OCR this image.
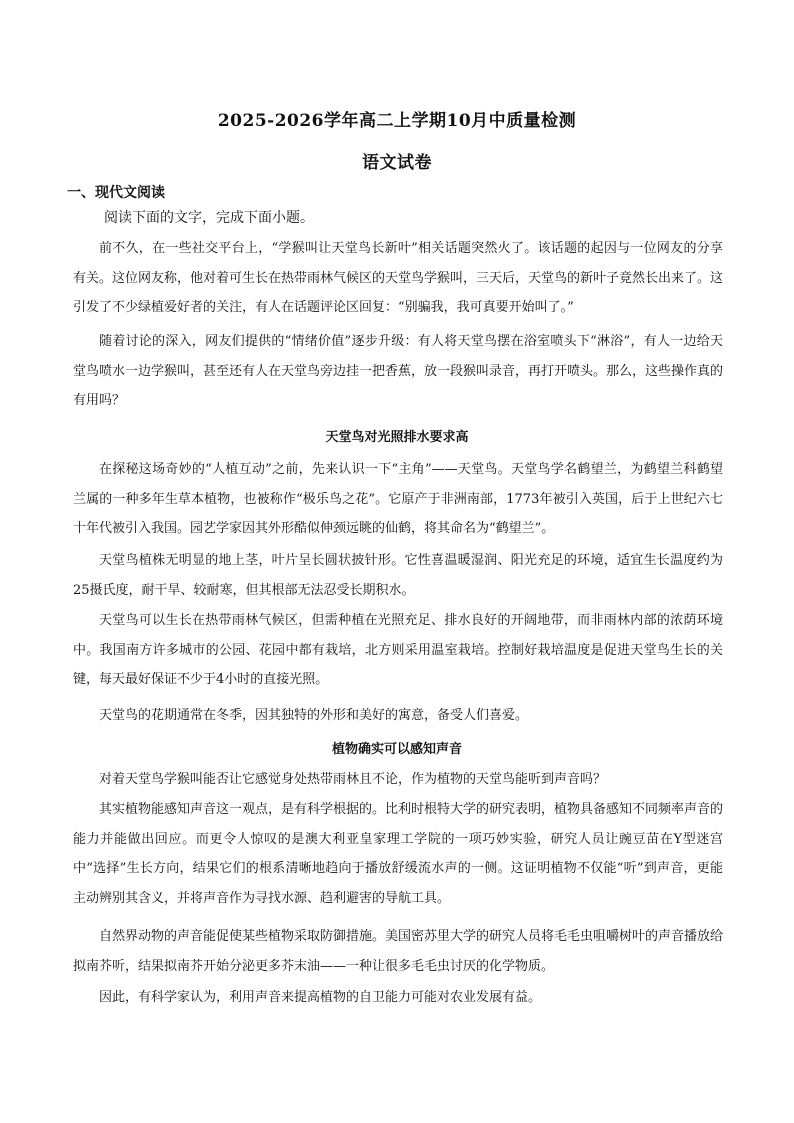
2025-2026学年高二上学期10月中质量检测
语文试卷
一、现代文阅读
阅读下面的文字，完成下面小题。

前不久，在一些社交平台上，“学猴叫让天堂鸟长新叶”相关话题突然火了。该话题的起因与一位网友的分享有关。这位网友称，他对着可生长在热带雨林气候区的天堂鸟学猴叫，三天后，天堂鸟的新叶子竟然长出来了。这引发了不少绿植爱好者的关注，有人在话题评论区回复：“别骗我，我可真要开始叫了。”

随着讨论的深入，网友们提供的“情绪价值”逐步升级：有人将天堂鸟摆在浴室喷头下“淋浴”，有人一边给天堂鸟喷水一边学猴叫，甚至还有人在天堂鸟旁边挂一把香蕉，放一段猴叫录音，再打开喷头。那么，这些操作真的有用吗？

天堂鸟对光照排水要求高

在探秘这场奇妙的“人植互动”之前，先来认识一下“主角”——天堂鸟。天堂鸟学名鹤望兰，为鹤望兰科鹤望兰属的一种多年生草本植物，也被称作“极乐鸟之花”。它原产于非洲南部，1773年被引入英国，后于上世纪六七十年代被引入我国。园艺学家因其外形酷似伸颈远眺的仙鹤，将其命名为“鹤望兰”。

天堂鸟植株无明显的地上茎，叶片呈长圆状披针形。它性喜温暖湿润、阳光充足的环境，适宜生长温度约为25摄氏度，耐干旱、较耐寒，但其根部无法忍受长期积水。

天堂鸟可以生长在热带雨林气候区，但需种植在光照充足、排水良好的开阔地带，而非雨林内部的浓荫环境中。我国南方许多城市的公园、花园中都有栽培，北方则采用温室栽培。控制好栽培温度是促进天堂鸟生长的关键，每天最好保证不少于4小时的直接光照。

天堂鸟的花期通常在冬季，因其独特的外形和美好的寓意，备受人们喜爱。

植物确实可以感知声音

对着天堂鸟学猴叫能否让它感觉身处热带雨林且不论，作为植物的天堂鸟能听到声音吗？

其实植物能感知声音这一观点，是有科学根据的。比利时根特大学的研究表明，植物具备感知不同频率声音的能力并能做出回应。而更令人惊叹的是澳大利亚皇家理工学院的一项巧妙实验，研究人员让豌豆苗在Y型迷宫中“选择”生长方向，结果它们的根系清晰地趋向于播放舒缓流水声的一侧。这证明植物不仅能“听”到声音，更能主动辨别其含义，并将声音作为寻找水源、趋利避害的导航工具。

自然界动物的声音能促使某些植物采取防御措施。美国密苏里大学的研究人员将毛毛虫咀嚼树叶的声音播放给拟南芥听，结果拟南芥开始分泌更多芥末油——一种让很多毛毛虫讨厌的化学物质。

因此，有科学家认为，利用声音来提高植物的自卫能力可能对农业发展有益。
